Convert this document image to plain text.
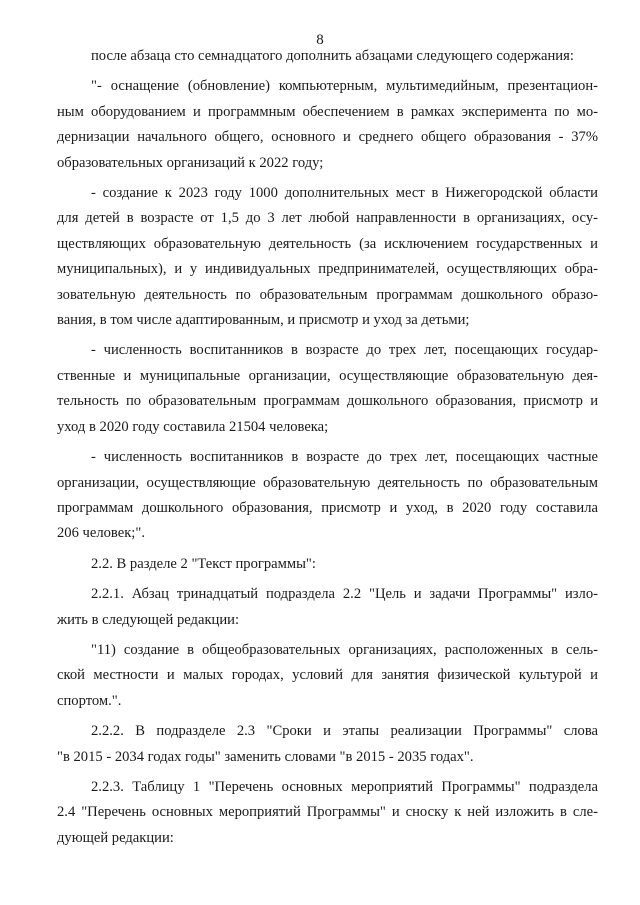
8
после абзаца сто семнадцатого дополнить абзацами следующего содержания:
"- оснащение (обновление) компьютерным, мультимедийным, презентацион-
ным оборудованием и программным обеспечением в рамках эксперимента по мо-
дернизации начального общего, основного и среднего общего образования - 37%
образовательных организаций к 2022 году;
- создание к 2023 году 1000 дополнительных мест в Нижегородской области
для детей в возрасте от 1,5 до 3 лет любой направленности в организациях, осу-
ществляющих образовательную деятельность (за исключением государственных и
муниципальных), и у индивидуальных предпринимателей, осуществляющих обра-
зовательную деятельность по образовательным программам дошкольного образо-
вания, в том числе адаптированным, и присмотр и уход за детьми;
- численность воспитанников в возрасте до трех лет, посещающих государ-
ственные и муниципальные организации, осуществляющие образовательную дея-
тельность по образовательным программам дошкольного образования, присмотр и
уход в 2020 году составила 21504 человека;
- численность воспитанников в возрасте до трех лет, посещающих частные
организации, осуществляющие образовательную деятельность по образовательным
программам дошкольного образования, присмотр и уход, в 2020 году составила
206 человек;".
2.2. В разделе 2 "Текст программы":
2.2.1. Абзац тринадцатый подраздела 2.2 "Цель и задачи Программы" изло-
жить в следующей редакции:
"11) создание в общеобразовательных организациях, расположенных в сель-
ской местности и малых городах, условий для занятия физической культурой и
спортом.".
2.2.2. В подразделе 2.3 "Сроки и этапы реализации Программы" слова
"в 2015 - 2034 годах годы" заменить словами "в 2015 - 2035 годах".
2.2.3. Таблицу 1 "Перечень основных мероприятий Программы" подраздела
2.4 "Перечень основных мероприятий Программы" и сноску к ней изложить в сле-
дующей редакции:
